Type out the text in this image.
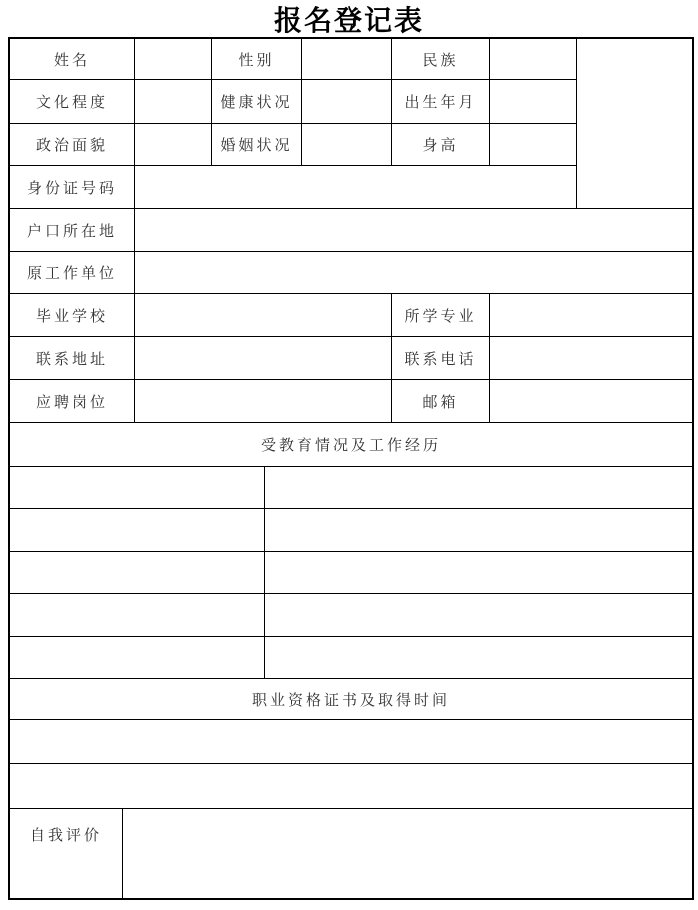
报名登记表
姓名	性别	民族
文化程度	健康状况	出生年月
政治面貌	婚姻状况	身高
身份证号码
户口所在地
原工作单位
毕业学校	所学专业
联系地址	联系电话
应聘岗位	邮箱
受教育情况及工作经历
职业资格证书及取得时间
自我评价
